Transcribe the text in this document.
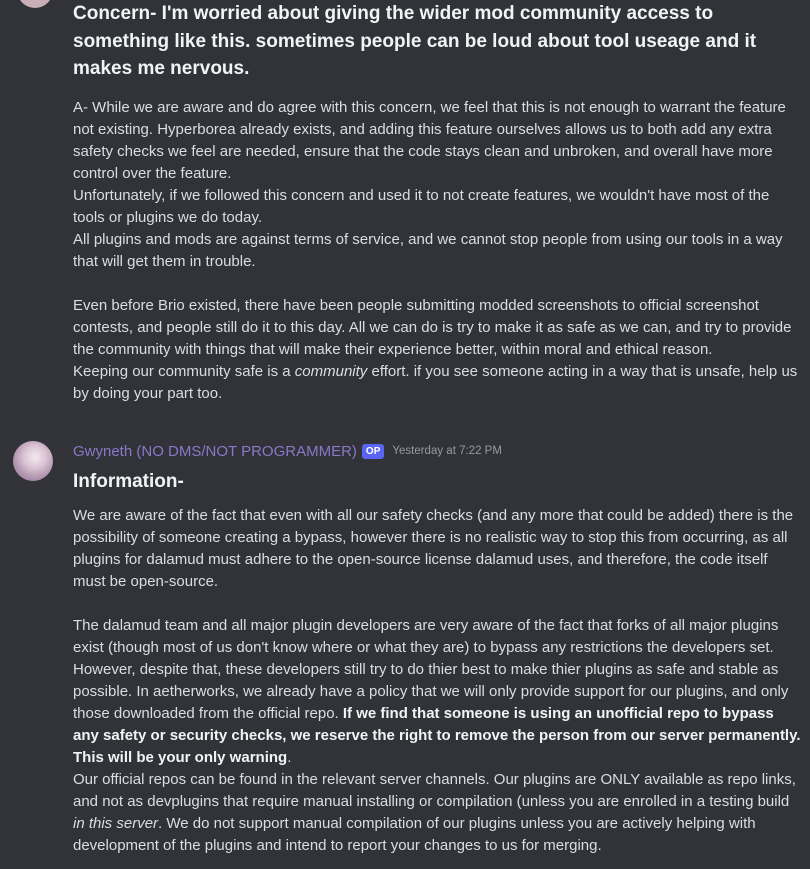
Concern- I'm worried about giving the wider mod community access to something like this. sometimes people can be loud about tool useage and it makes me nervous.

A- While we are aware and do agree with this concern, we feel that this is not enough to warrant the feature not existing. Hyperborea already exists, and adding this feature ourselves allows us to both add any extra safety checks we feel are needed, ensure that the code stays clean and unbroken, and overall have more control over the feature.

Unfortunately, if we followed this concern and used it to not create features, we wouldn't have most of the tools or plugins we do today.

All plugins and mods are against terms of service, and we cannot stop people from using our tools in a way that will get them in trouble.

Even before Brio existed, there have been people submitting modded screenshots to official screenshot contests, and people still do it to this day. All we can do is try to make it as safe as we can, and try to provide the community with things that will make their experience better, within moral and ethical reason.

Keeping our community safe is a community effort. if you see someone acting in a way that is unsafe, help us by doing your part too.

Gwyneth (NO DMS/NOT PROGRAMMER) OP	Yesterday at 7:22 PM

Information-

We are aware of the fact that even with all our safety checks (and any more that could be added) there is the possibility of someone creating a bypass, however there is no realistic way to stop this from occurring, as all plugins for dalamud must adhere to the open-source license dalamud uses, and therefore, the code itself must be open-source.

The dalamud team and all major plugin developers are very aware of the fact that forks of all major plugins exist (though most of us don't know where or what they are) to bypass any restrictions the developers set. However, despite that, these developers still try to do thier best to make thier plugins as safe and stable as possible. In aetherworks, we already have a policy that we will only provide support for our plugins, and only those downloaded from the official repo. If we find that someone is using an unofficial repo to bypass any safety or security checks, we reserve the right to remove the person from our server permanently. This will be your only warning.

Our official repos can be found in the relevant server channels. Our plugins are ONLY available as repo links, and not as devplugins that require manual installing or compilation (unless you are enrolled in a testing build in this server. We do not support manual compilation of our plugins unless you are actively helping with development of the plugins and intend to report your changes to us for merging.
